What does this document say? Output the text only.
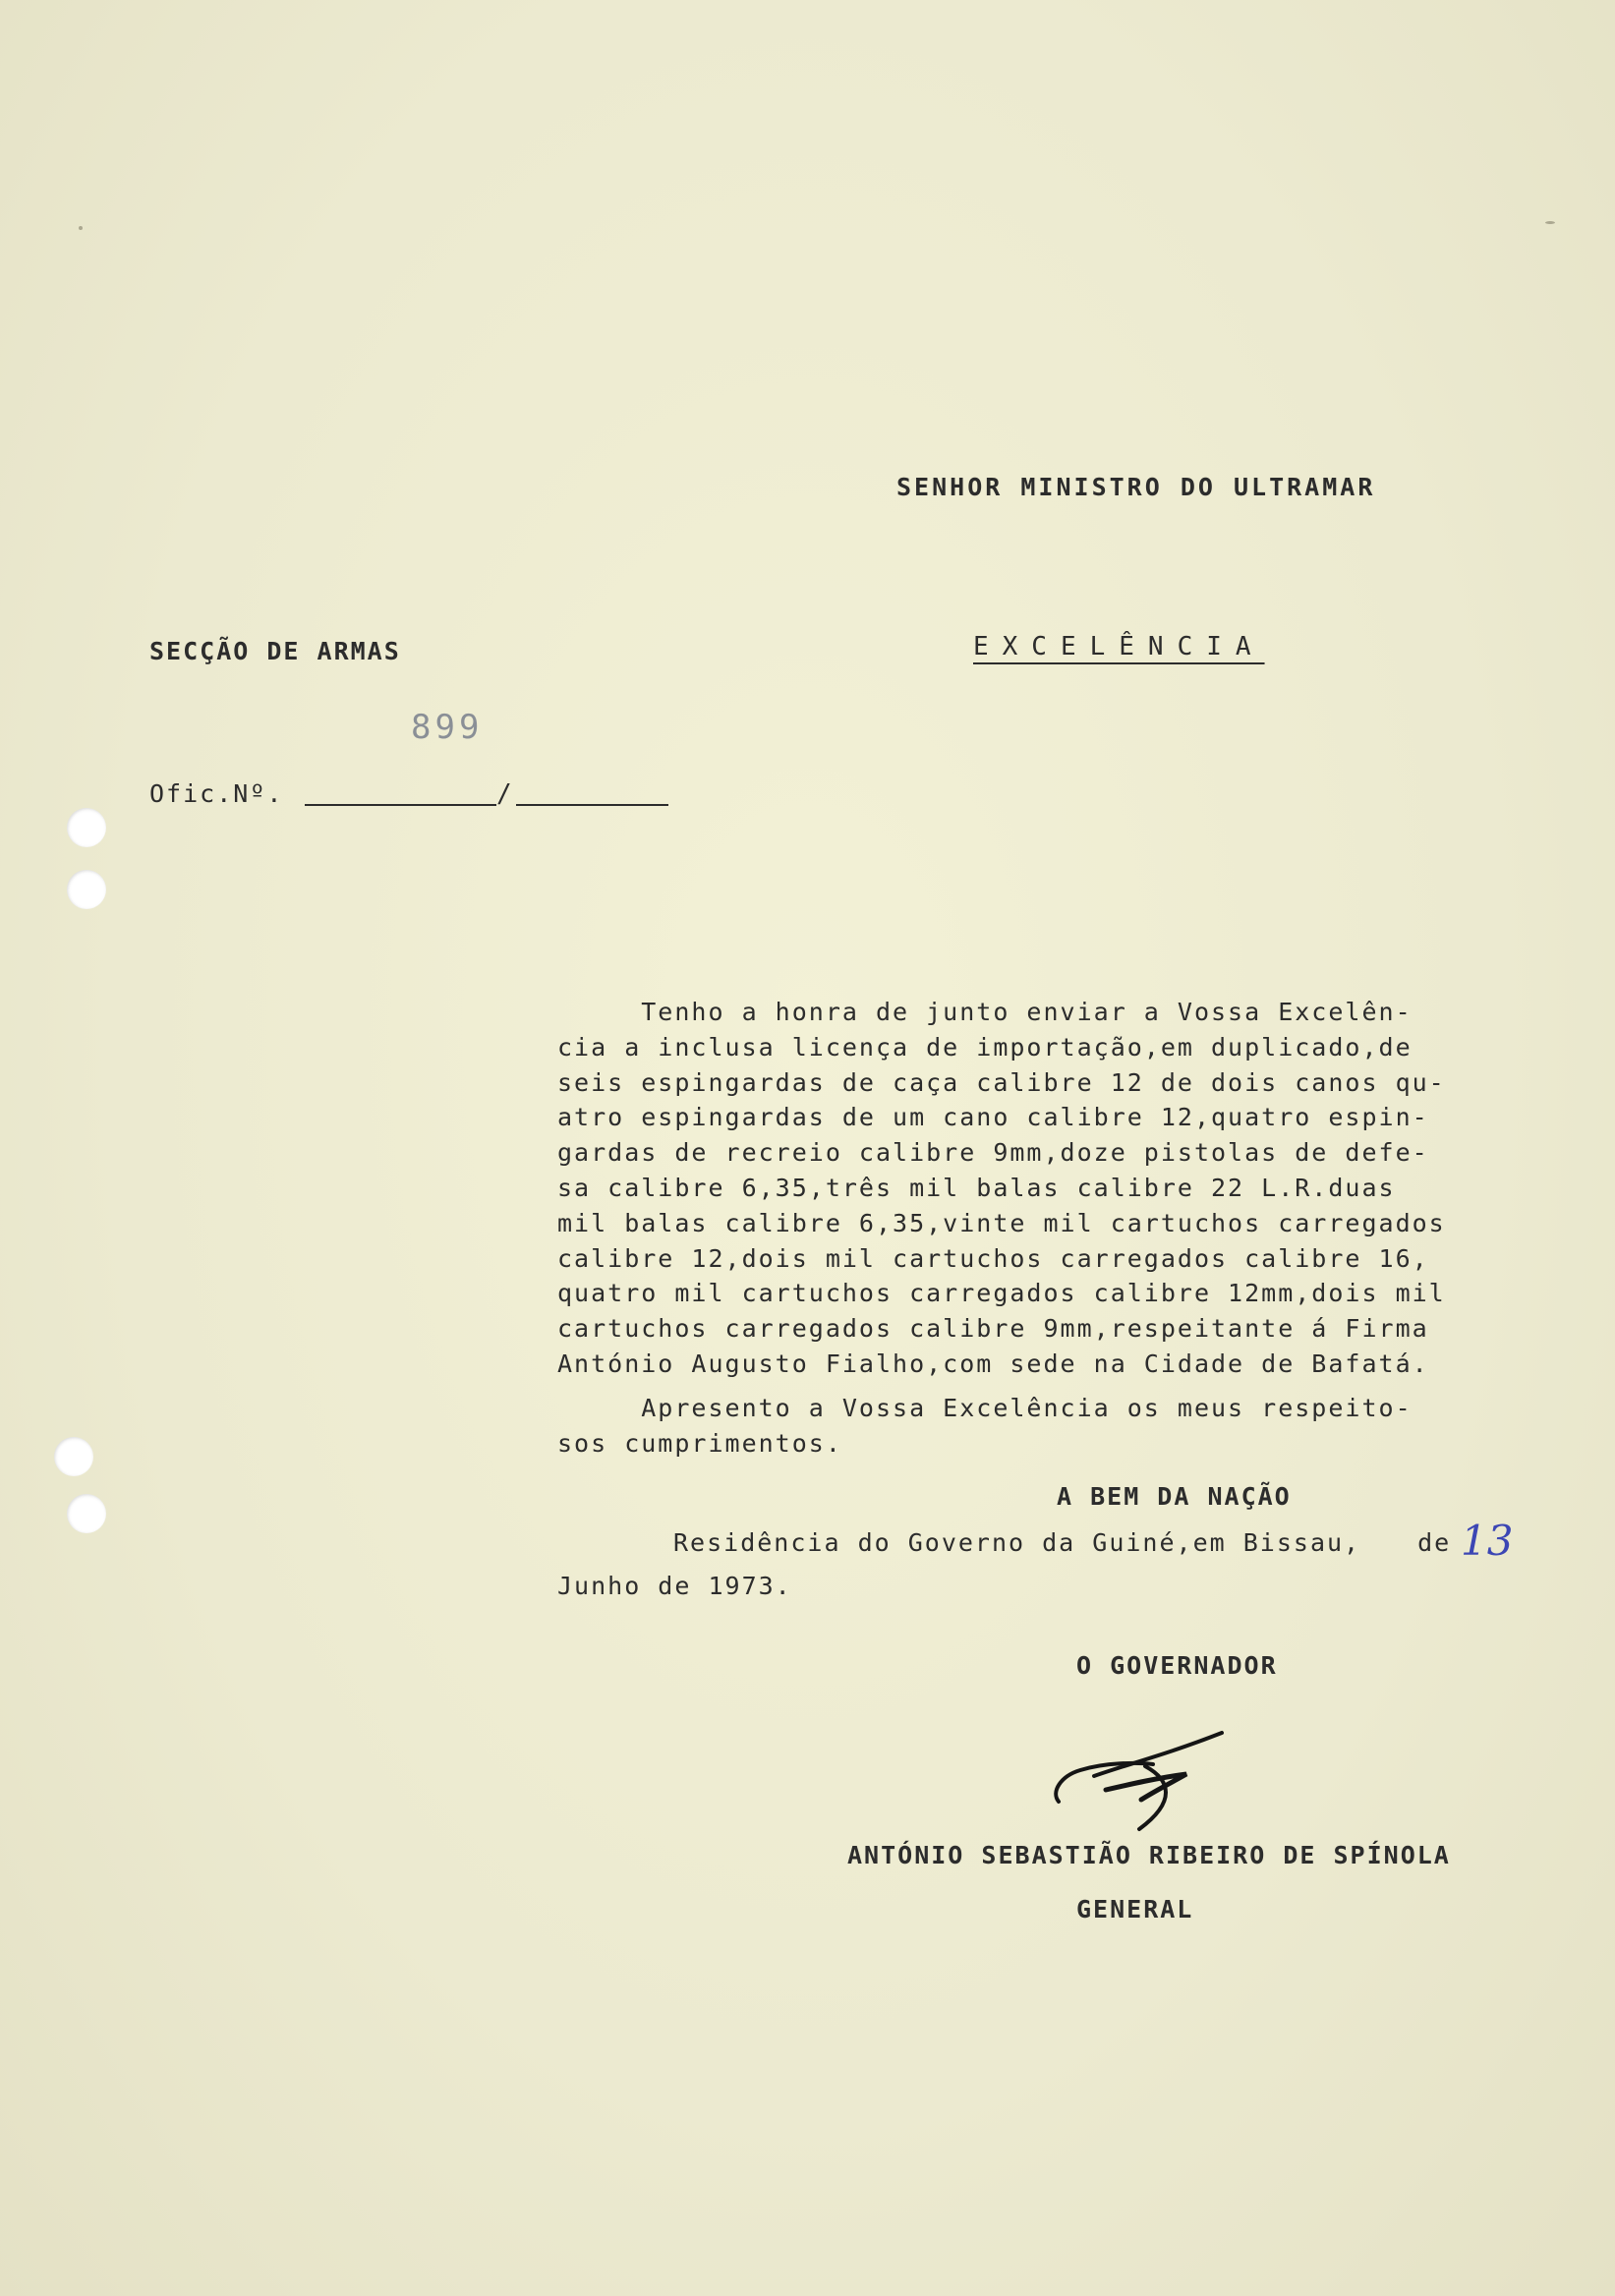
SENHOR MINISTRO DO ULTRAMAR
SECÇÃO DE ARMAS	EXCELÊNCIA
899
Ofic.Nº.	/
Tenho a honra de junto enviar a Vossa Excelên-
cia a inclusa licença de importação,em duplicado,de
seis espingardas de caça calibre 12 de dois canos qu-
atro espingardas de um cano calibre 12,quatro espin-
gardas de recreio calibre 9mm,doze pistolas de defe-
sa calibre 6,35,três mil balas calibre 22 L.R.duas
mil balas calibre 6,35,vinte mil cartuchos carregados
calibre 12,dois mil cartuchos carregados calibre 16,
quatro mil cartuchos carregados calibre 12mm,dois mil
cartuchos carregados calibre 9mm,respeitante á Firma
António Augusto Fialho,com sede na Cidade de Bafatá.
Apresento a Vossa Excelência os meus respeito-
sos cumprimentos.
A BEM DA NAÇÃO
Residência do Governo da Guiné,em Bissau, de 13
Junho de 1973.
O GOVERNADOR
ANTÓNIO SEBASTIÃO RIBEIRO DE SPÍNOLA
GENERAL
